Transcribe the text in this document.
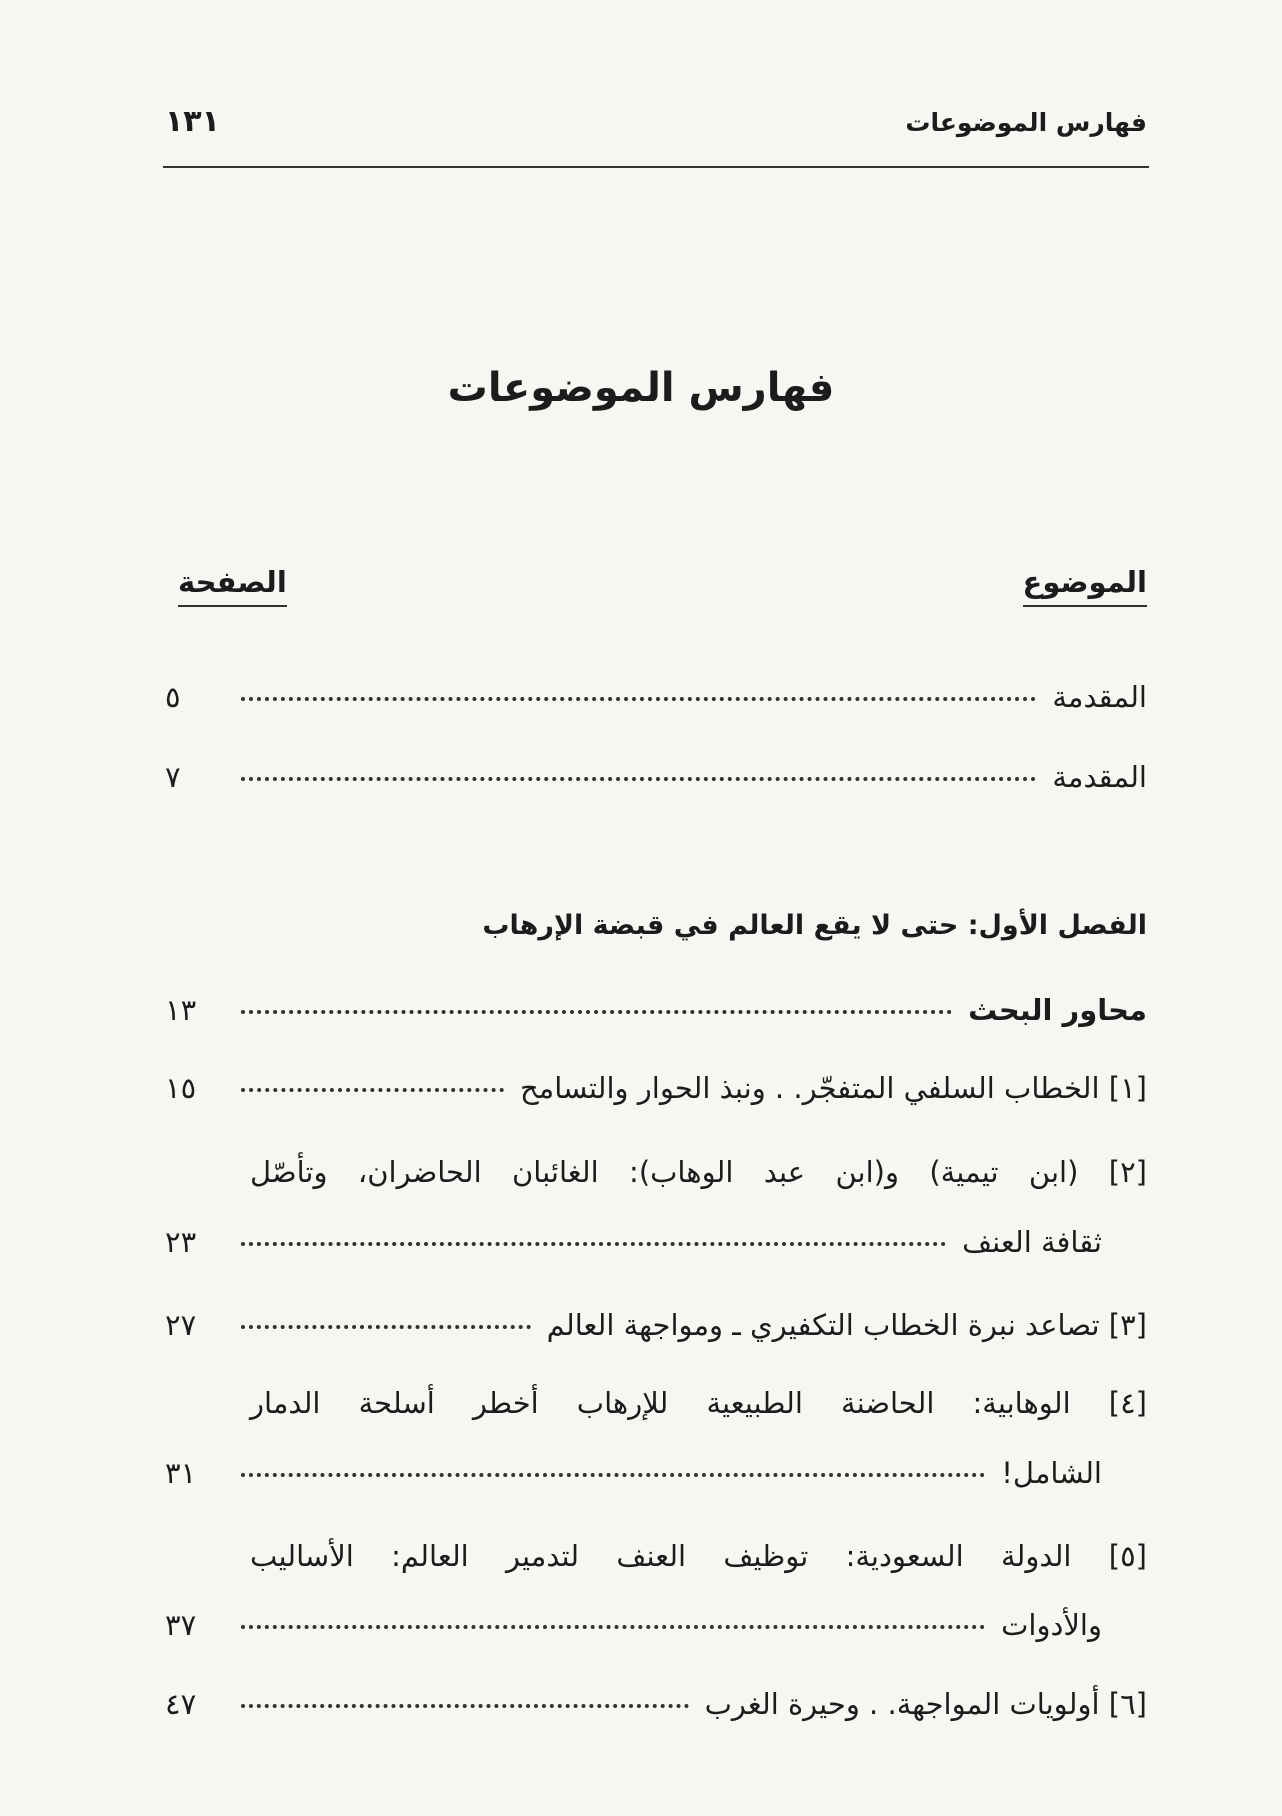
فهارس الموضوعات
١٣١
فهارس الموضوعات
الموضوع
الصفحة
المقدمة
٥
المقدمة
٧
الفصل الأول: حتى لا يقع العالم في قبضة الإرهاب
محاور البحث
١٣
[١] الخطاب السلفي المتفجّر. . ونبذ الحوار والتسامح
١٥
[٢] (ابن تيمية) و(ابن عبد الوهاب): الغائبان الحاضران، وتأصّل
ثقافة العنف
٢٣
[٣] تصاعد نبرة الخطاب التكفيري ـ ومواجهة العالم
٢٧
[٤] الوهابية: الحاضنة الطبيعية للإرهاب أخطر أسلحة الدمار
الشامل!
٣١
[٥] الدولة السعودية: توظيف العنف لتدمير العالم: الأساليب
والأدوات
٣٧
[٦] أولويات المواجهة. . وحيرة الغرب
٤٧
